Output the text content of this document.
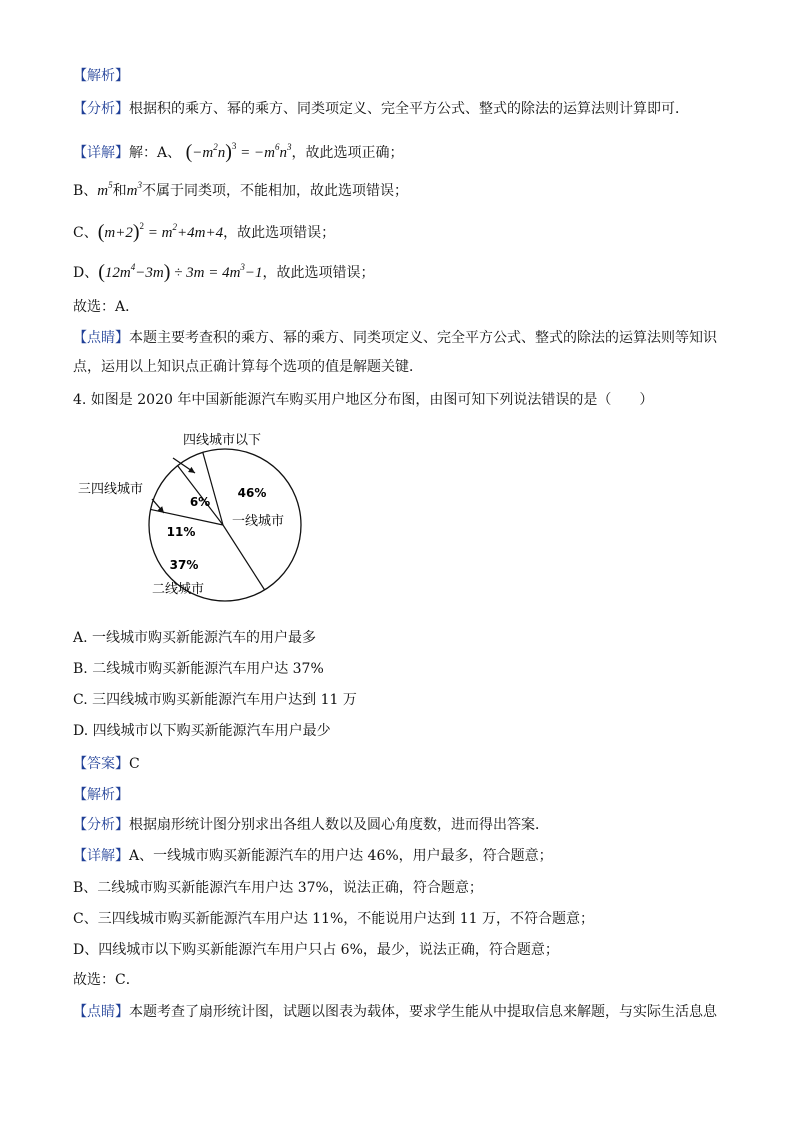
【解析】
【分析】根据积的乘方、幂的乘方、同类项定义、完全平方公式、整式的除法的运算法则计算即可．
【详解】解：A、 $(-m^2n)^3 = -m^6n^3$，故此选项正确；
B、$m^5$和$m^3$不属于同类项，不能相加，故此选项错误；
C、$(m+2)^2 = m^2+4m+4$，故此选项错误；
D、$(12m^4-3m) \div 3m = 4m^3-1$，故此选项错误；
故选：A．
【点睛】本题主要考查积的乘方、幂的乘方、同类项定义、完全平方公式、整式的除法的运算法则等知识
点，运用以上知识点正确计算每个选项的值是解题关键．
4. 如图是 2020 年中国新能源汽车购买用户地区分布图，由图可知下列说法错误的是（　　）
46%
37%
11%
6%
一线城市
二线城市
四线城市以下
三四线城市
A. 一线城市购买新能源汽车的用户最多
B. 二线城市购买新能源汽车用户达 37%
C. 三四线城市购买新能源汽车用户达到 11 万
D. 四线城市以下购买新能源汽车用户最少
【答案】C
【解析】
【分析】根据扇形统计图分别求出各组人数以及圆心角度数，进而得出答案．
【详解】A、一线城市购买新能源汽车的用户达 46%，用户最多，符合题意；
B、二线城市购买新能源汽车用户达 37%，说法正确，符合题意；
C、三四线城市购买新能源汽车用户达 11%，不能说用户达到 11 万，不符合题意；
D、四线城市以下购买新能源汽车用户只占 6%，最少，说法正确，符合题意；
故选：C．
【点睛】本题考查了扇形统计图，试题以图表为载体，要求学生能从中提取信息来解题，与实际生活息息
